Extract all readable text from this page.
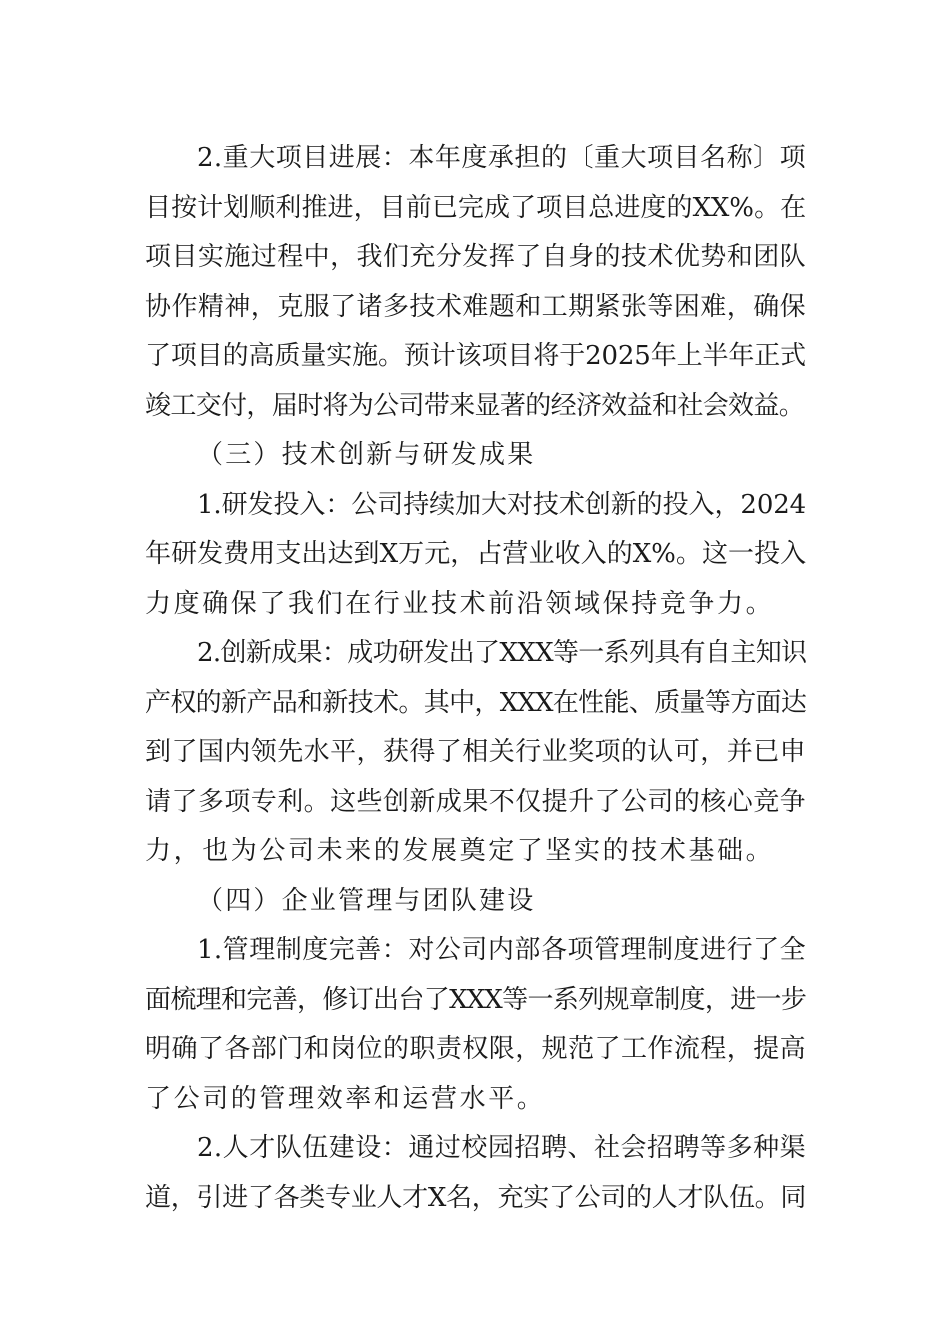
2.重大项目进展：本年度承担的〔重大项目名称〕项
目按计划顺利推进，目前已完成了项目总进度的XX%。在
项目实施过程中，我们充分发挥了自身的技术优势和团队
协作精神，克服了诸多技术难题和工期紧张等困难，确保
了项目的高质量实施。预计该项目将于2025年上半年正式
竣工交付，届时将为公司带来显著的经济效益和社会效益。
（三）技术创新与研发成果
1.研发投入：公司持续加大对技术创新的投入，2024
年研发费用支出达到X万元，占营业收入的X%。这一投入
力度确保了我们在行业技术前沿领域保持竞争力。
2.创新成果：成功研发出了XXX等一系列具有自主知识
产权的新产品和新技术。其中，XXX在性能、质量等方面达
到了国内领先水平，获得了相关行业奖项的认可，并已申
请了多项专利。这些创新成果不仅提升了公司的核心竞争
力，也为公司未来的发展奠定了坚实的技术基础。
（四）企业管理与团队建设
1.管理制度完善：对公司内部各项管理制度进行了全
面梳理和完善，修订出台了XXX等一系列规章制度，进一步
明确了各部门和岗位的职责权限，规范了工作流程，提高
了公司的管理效率和运营水平。
2.人才队伍建设：通过校园招聘、社会招聘等多种渠
道，引进了各类专业人才X名，充实了公司的人才队伍。同
